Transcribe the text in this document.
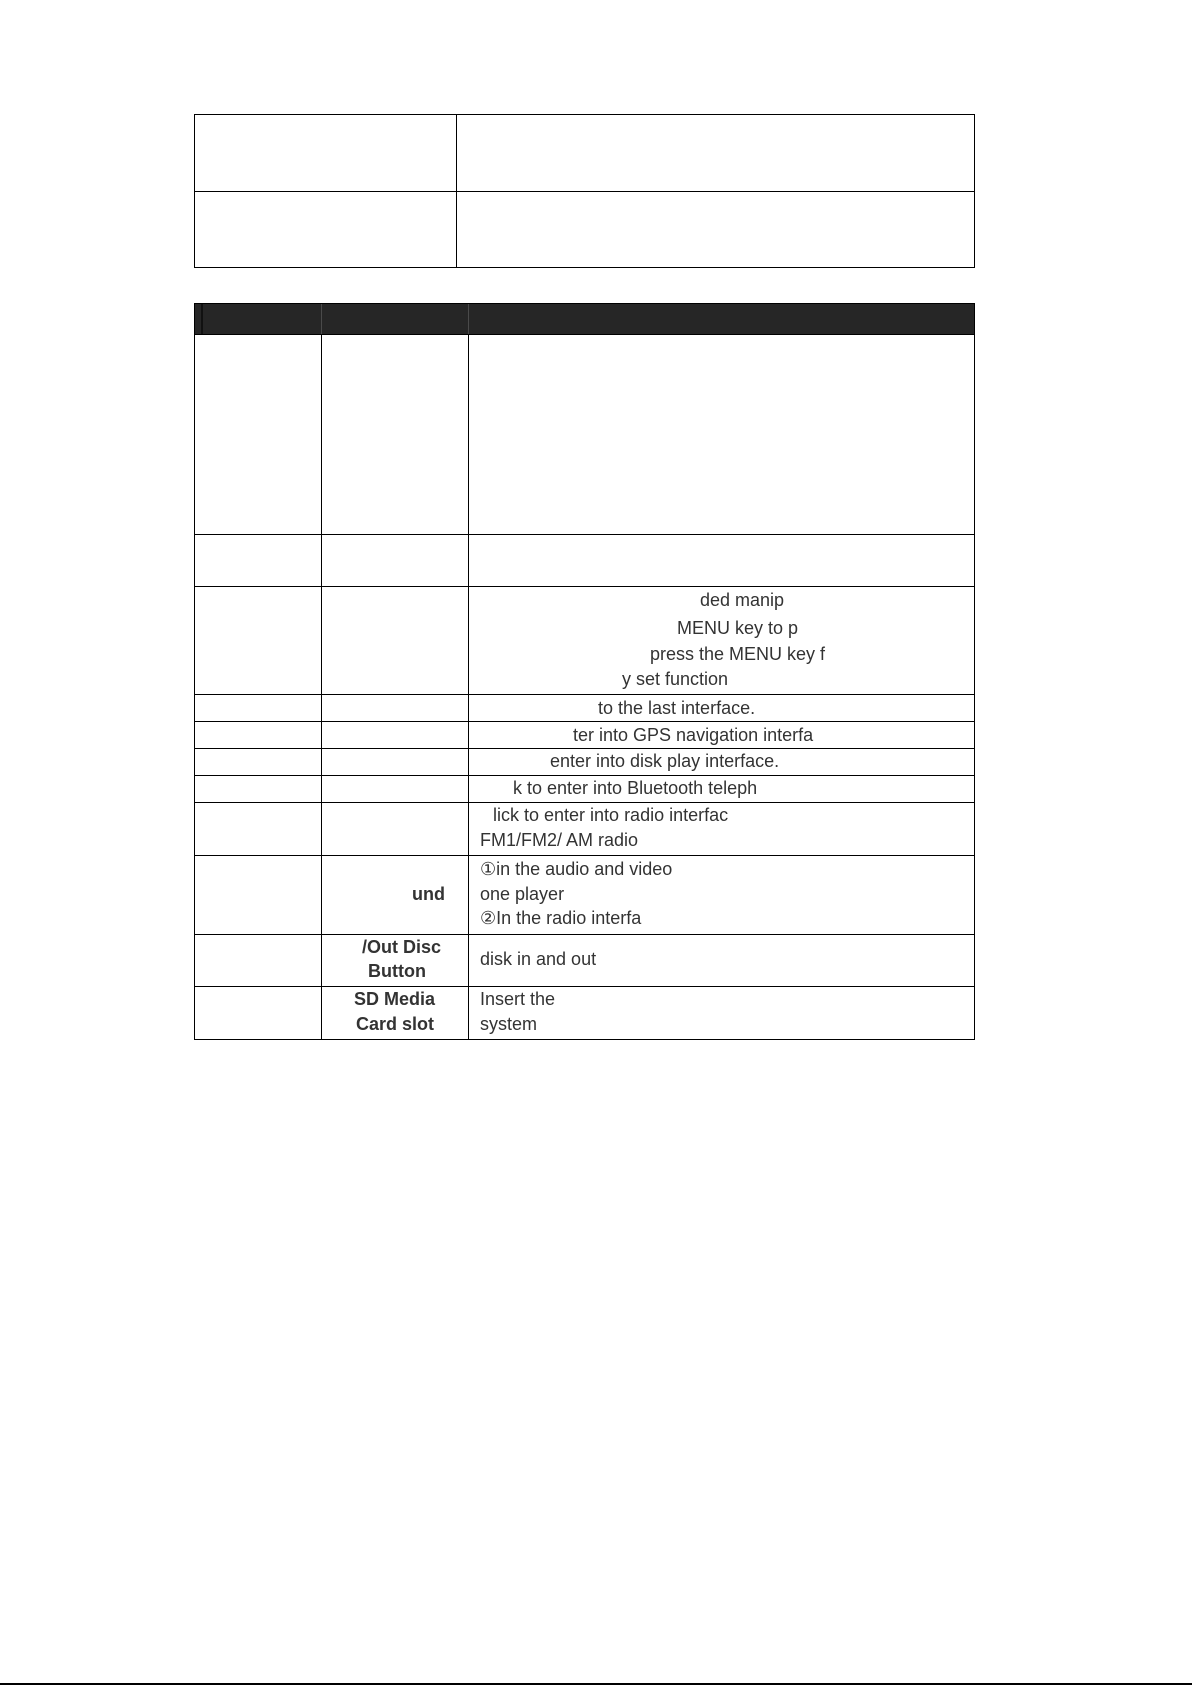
ded manip
MENU key to p
press the MENU key f
y set function
to the last interface.
ter into GPS navigation interfa
enter into disk play interface.
k to enter into Bluetooth teleph
lick to enter into radio interfac
FM1/FM2/ AM radio
und
①in the audio and video
one player
②In the radio interfa
/Out Disc
Button
disk in and out
SD Media
Card slot
Insert the
system
